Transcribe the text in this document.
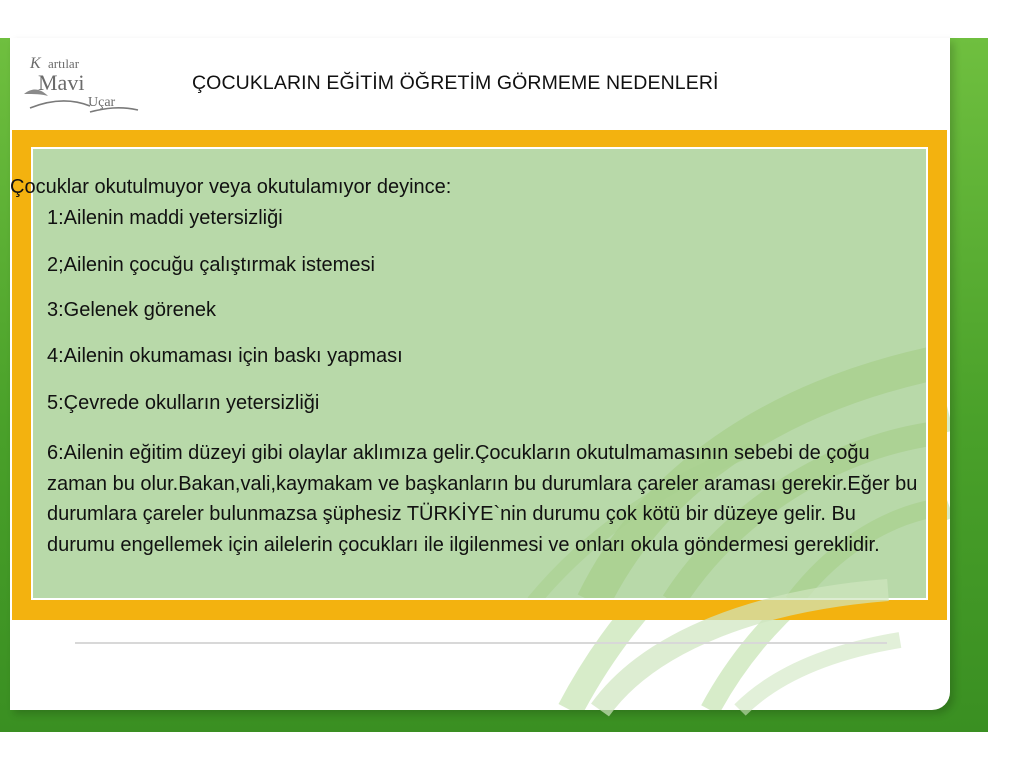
K artılar
Mavi
Uçar
ÇOCUKLARIN EĞİTİM ÖĞRETİM GÖRMEME NEDENLERİ
Çocuklar okutulmuyor veya okutulamıyor deyince:
1:Ailenin maddi yetersizliği
2;Ailenin çocuğu çalıştırmak istemesi
3:Gelenek görenek
4:Ailenin okumaması için baskı yapması
5:Çevrede okulların yetersizliği
6:Ailenin eğitim düzeyi gibi olaylar aklımıza gelir.Çocukların okutulmamasının sebebi de çoğu zaman bu olur.Bakan,vali,kaymakam ve başkanların bu durumlara çareler araması gerekir.Eğer bu durumlara çareler bulunmazsa şüphesiz TÜRKİYE`nin durumu çok kötü bir düzeye gelir. Bu durumu engellemek için ailelerin çocukları ile ilgilenmesi ve onları okula göndermesi gereklidir.
